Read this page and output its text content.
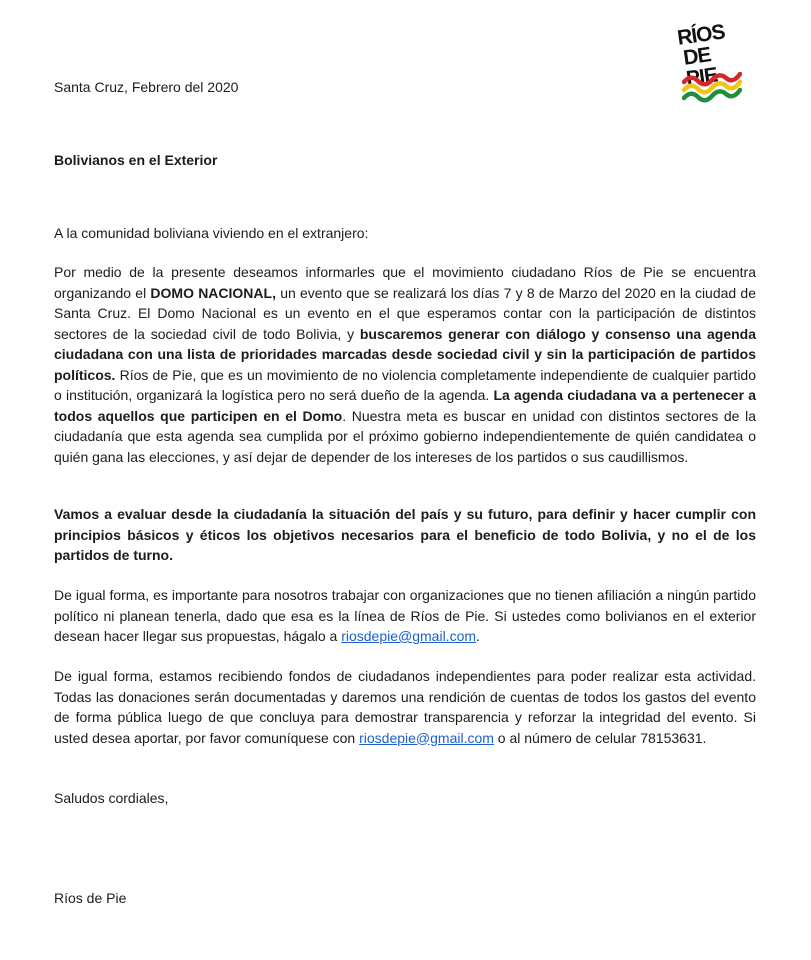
RÍOS
DE PIE
Santa Cruz, Febrero del 2020
Bolivianos en el Exterior
A la comunidad boliviana viviendo en el extranjero:
Por medio de la presente deseamos informarles que el movimiento ciudadano Ríos de Pie se encuentra organizando el DOMO NACIONAL, un evento que se realizará los días 7 y 8 de Marzo del 2020 en la ciudad de Santa Cruz. El Domo Nacional es un evento en el que esperamos contar con la participación de distintos sectores de la sociedad civil de todo Bolivia, y buscaremos generar con diálogo y consenso una agenda ciudadana con una lista de prioridades marcadas desde sociedad civil y sin la participación de partidos políticos. Ríos de Pie, que es un movimiento de no violencia completamente independiente de cualquier partido o institución, organizará la logística pero no será dueño de la agenda. La agenda ciudadana va a pertenecer a todos aquellos que participen en el Domo. Nuestra meta es buscar en unidad con distintos sectores de la ciudadanía que esta agenda sea cumplida por el próximo gobierno independientemente de quién candidatea o quién gana las elecciones, y así dejar de depender de los intereses de los partidos o sus caudillismos.
Vamos a evaluar desde la ciudadanía la situación del país y su futuro, para definir y hacer cumplir con principios básicos y éticos los objetivos necesarios para el beneficio de todo Bolivia, y no el de los partidos de turno.
De igual forma, es importante para nosotros trabajar con organizaciones que no tienen afiliación a ningún partido político ni planean tenerla, dado que esa es la línea de Ríos de Pie. Si ustedes como bolivianos en el exterior desean hacer llegar sus propuestas, hágalo a riosdepie@gmail.com.
De igual forma, estamos recibiendo fondos de ciudadanos independientes para poder realizar esta actividad. Todas las donaciones serán documentadas y daremos una rendición de cuentas de todos los gastos del evento de forma pública luego de que concluya para demostrar transparencia y reforzar la integridad del evento. Si usted desea aportar, por favor comuníquese con riosdepie@gmail.com o al número de celular 78153631.
Saludos cordiales,
Ríos de Pie
